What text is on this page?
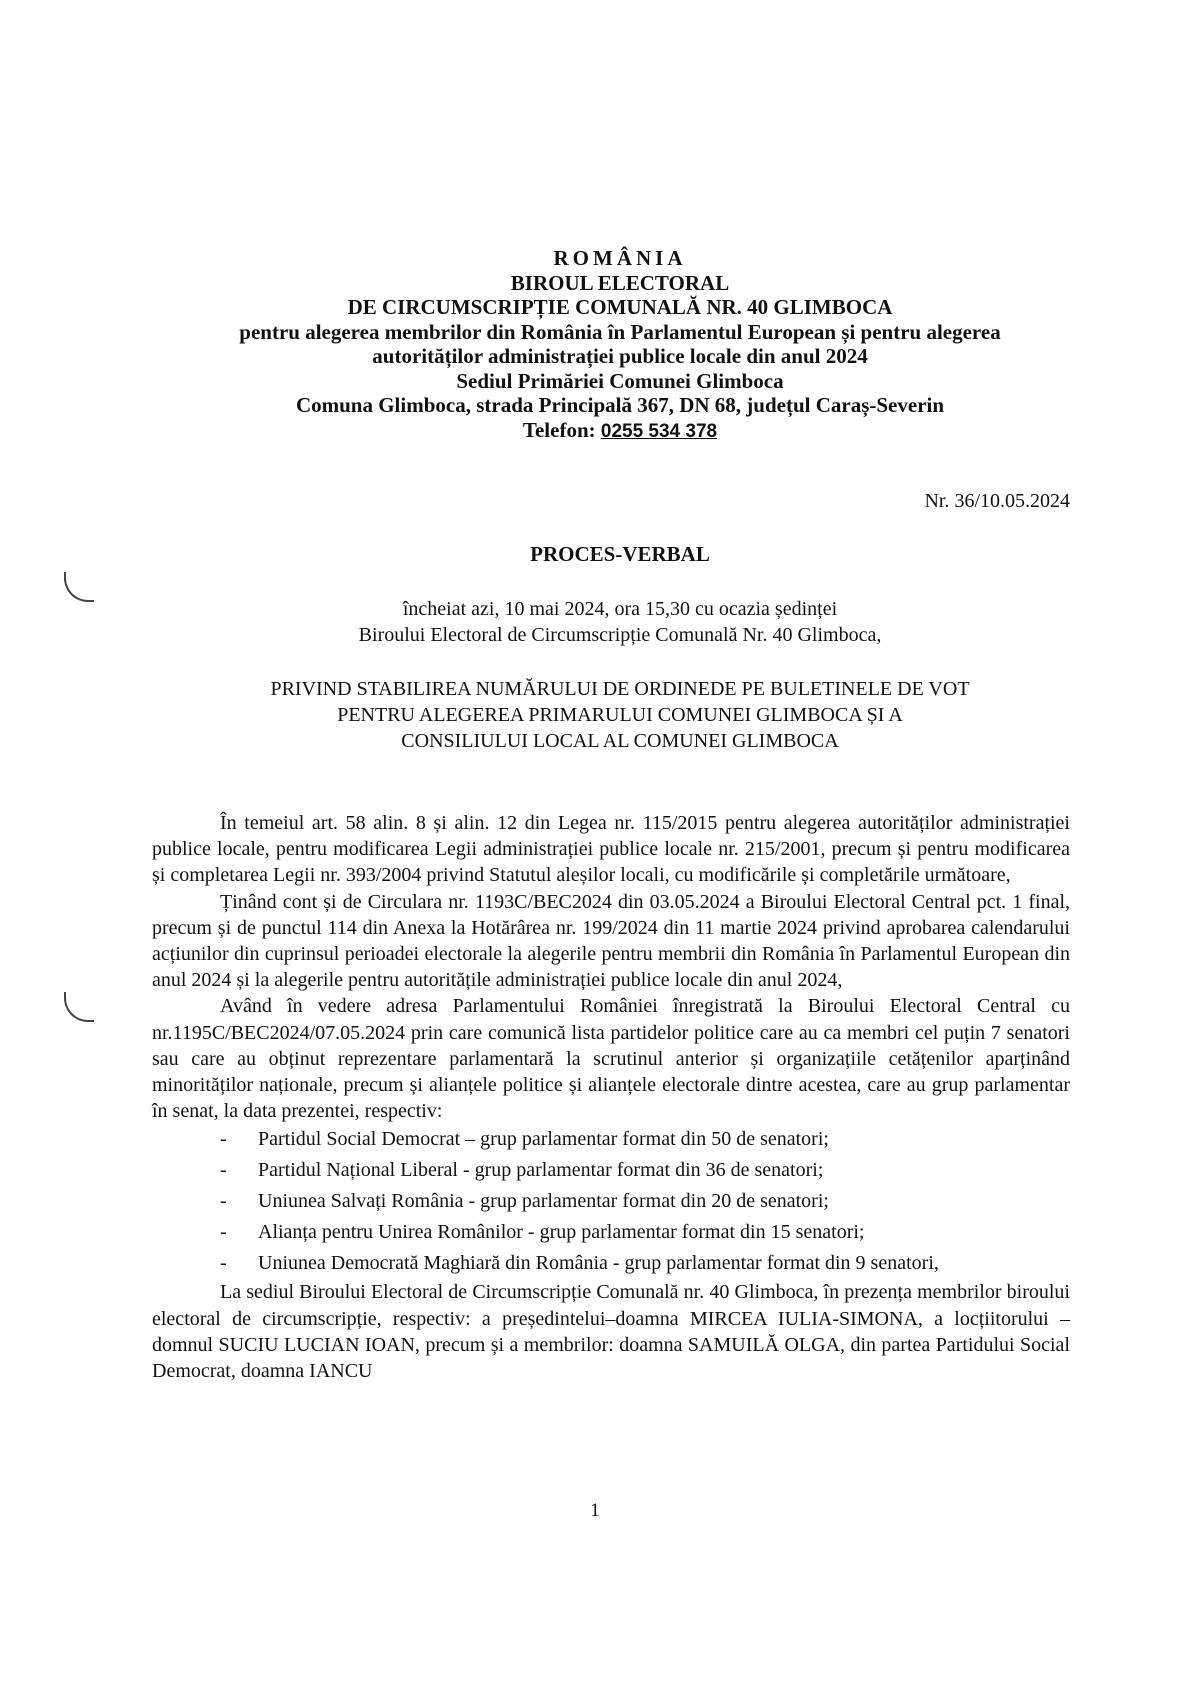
ROMÂNIA
BIROUL ELECTORAL
DE CIRCUMSCRIPȚIE COMUNALĂ NR. 40 GLIMBOCA
pentru alegerea membrilor din România în Parlamentul European și pentru alegerea
autorităților administrației publice locale din anul 2024
Sediul Primăriei Comunei Glimboca
Comuna Glimboca, strada Principală 367, DN 68, județul Caraș-Severin
Telefon: 0255 534 378
Nr. 36/10.05.2024
PROCES-VERBAL
încheiat azi, 10 mai 2024, ora 15,30 cu ocazia ședinței
Biroului Electoral de Circumscripție Comunală Nr. 40 Glimboca,
PRIVIND STABILIREA NUMĂRULUI DE ORDINEDE PE BULETINELE DE VOT
PENTRU ALEGEREA PRIMARULUI COMUNEI GLIMBOCA ȘI A
CONSILIULUI LOCAL AL COMUNEI GLIMBOCA

În temeiul art. 58 alin. 8 și alin. 12 din Legea nr. 115/2015 pentru alegerea autorităților administrației publice locale, pentru modificarea Legii administrației publice locale nr. 215/2001, precum și pentru modificarea și completarea Legii nr. 393/2004 privind Statutul aleșilor locali, cu modificările și completările următoare,

Ținând cont și de Circulara nr. 1193C/BEC2024 din 03.05.2024 a Biroului Electoral Central pct. 1 final, precum și de punctul 114 din Anexa la Hotărârea nr. 199/2024 din 11 martie 2024 privind aprobarea calendarului acțiunilor din cuprinsul perioadei electorale la alegerile pentru membrii din România în Parlamentul European din anul 2024 și la alegerile pentru autoritățile administrației publice locale din anul 2024,

Având în vedere adresa Parlamentului României înregistrată la Biroului Electoral Central cu nr.1195C/BEC2024/07.05.2024 prin care comunică lista partidelor politice care au ca membri cel puțin 7 senatori sau care au obținut reprezentare parlamentară la scrutinul anterior și organizațiile cetățenilor aparținând minorităților naționale, precum și alianțele politice și alianțele electorale dintre acestea, care au grup parlamentar în senat, la data prezentei, respectiv:

- Partidul Social Democrat – grup parlamentar format din 50 de senatori;
- Partidul Național Liberal - grup parlamentar format din 36 de senatori;
- Uniunea Salvați România - grup parlamentar format din 20 de senatori;
- Alianța pentru Unirea Românilor - grup parlamentar format din 15 senatori;
- Uniunea Democrată Maghiară din România - grup parlamentar format din 9 senatori,

La sediul Biroului Electoral de Circumscripție Comunală nr. 40 Glimboca, în prezența membrilor biroului electoral de circumscripție, respectiv: a președintelui–doamna MIRCEA IULIA-SIMONA, a locțiitorului – domnul SUCIU LUCIAN IOAN, precum și a membrilor: doamna SAMUILĂ OLGA, din partea Partidului Social Democrat, doamna IANCU

1
